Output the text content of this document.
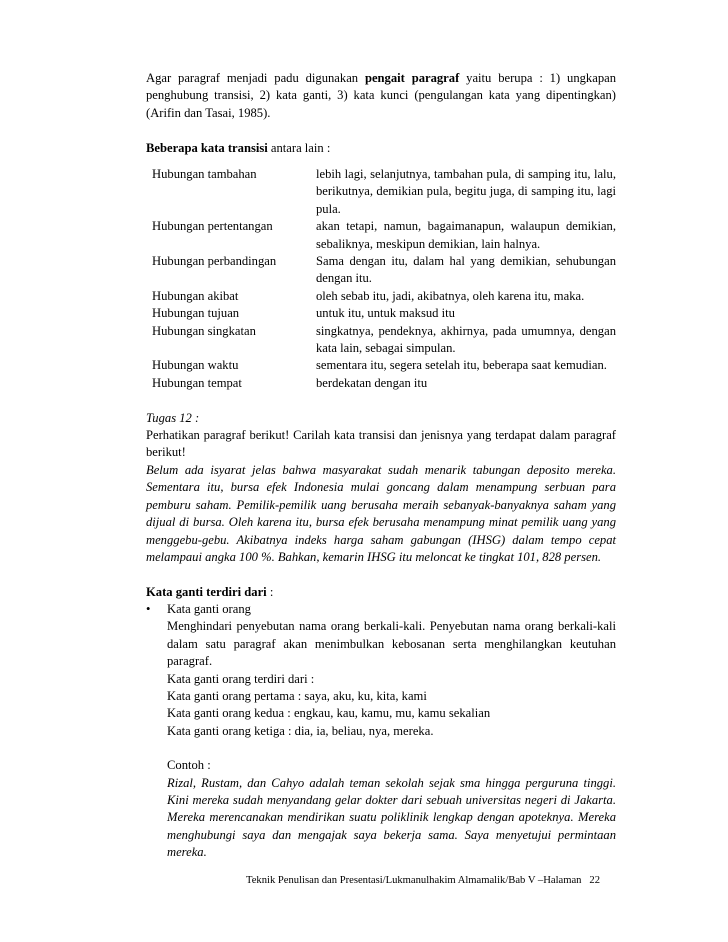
Agar paragraf menjadi padu digunakan pengait paragraf yaitu berupa : 1) ungkapan penghubung transisi, 2) kata ganti, 3) kata kunci (pengulangan kata yang dipentingkan) (Arifin dan Tasai, 1985).
Beberapa kata transisi antara lain :
Hubungan tambahan	lebih lagi, selanjutnya, tambahan pula, di samping itu, lalu, berikutnya, demikian pula, begitu juga, di samping itu, lagi pula.
Hubungan pertentangan	akan tetapi, namun, bagaimanapun, walaupun demikian, sebaliknya, meskipun demikian, lain halnya.
Hubungan perbandingan	Sama dengan itu, dalam hal yang demikian, sehubungan dengan itu.
Hubungan akibat	oleh sebab itu, jadi, akibatnya, oleh karena itu, maka.
Hubungan tujuan	untuk itu, untuk maksud itu
Hubungan singkatan	singkatnya, pendeknya, akhirnya, pada umumnya, dengan kata lain, sebagai simpulan.
Hubungan waktu	sementara itu, segera setelah itu, beberapa saat kemudian.
Hubungan tempat	berdekatan dengan itu
Tugas 12 :
Perhatikan paragraf berikut! Carilah kata transisi dan jenisnya yang terdapat dalam paragraf berikut!
Belum ada isyarat jelas bahwa masyarakat sudah menarik tabungan deposito mereka. Sementara itu, bursa efek Indonesia mulai goncang dalam menampung serbuan para pemburu saham. Pemilik-pemilik uang berusaha meraih sebanyak-banyaknya saham yang dijual di bursa. Oleh karena itu, bursa efek berusaha menampung minat pemilik uang yang menggebu-gebu. Akibatnya indeks harga saham gabungan (IHSG) dalam tempo cepat melampaui angka 100 %. Bahkan, kemarin IHSG itu meloncat ke tingkat 101, 828 persen.
Kata ganti terdiri dari :
•	Kata ganti orang
Menghindari penyebutan nama orang berkali-kali. Penyebutan nama orang berkali-kali dalam satu paragraf akan menimbulkan kebosanan serta menghilangkan keutuhan paragraf.
Kata ganti orang terdiri dari :
Kata ganti orang pertama : saya, aku, ku, kita, kami
Kata ganti orang kedua : engkau, kau, kamu, mu, kamu sekalian
Kata ganti orang ketiga : dia, ia, beliau, nya, mereka.
Contoh :
Rizal, Rustam, dan Cahyo adalah teman sekolah sejak sma hingga perguruna tinggi. Kini mereka sudah menyandang gelar dokter dari sebuah universitas negeri di Jakarta. Mereka merencanakan mendirikan suatu poliklinik lengkap dengan apoteknya. Mereka menghubungi saya dan mengajak saya bekerja sama. Saya menyetujui permintaan mereka.
Teknik Penulisan dan Presentasi/Lukmanulhakim Almamalik/Bab V –Halaman 22
